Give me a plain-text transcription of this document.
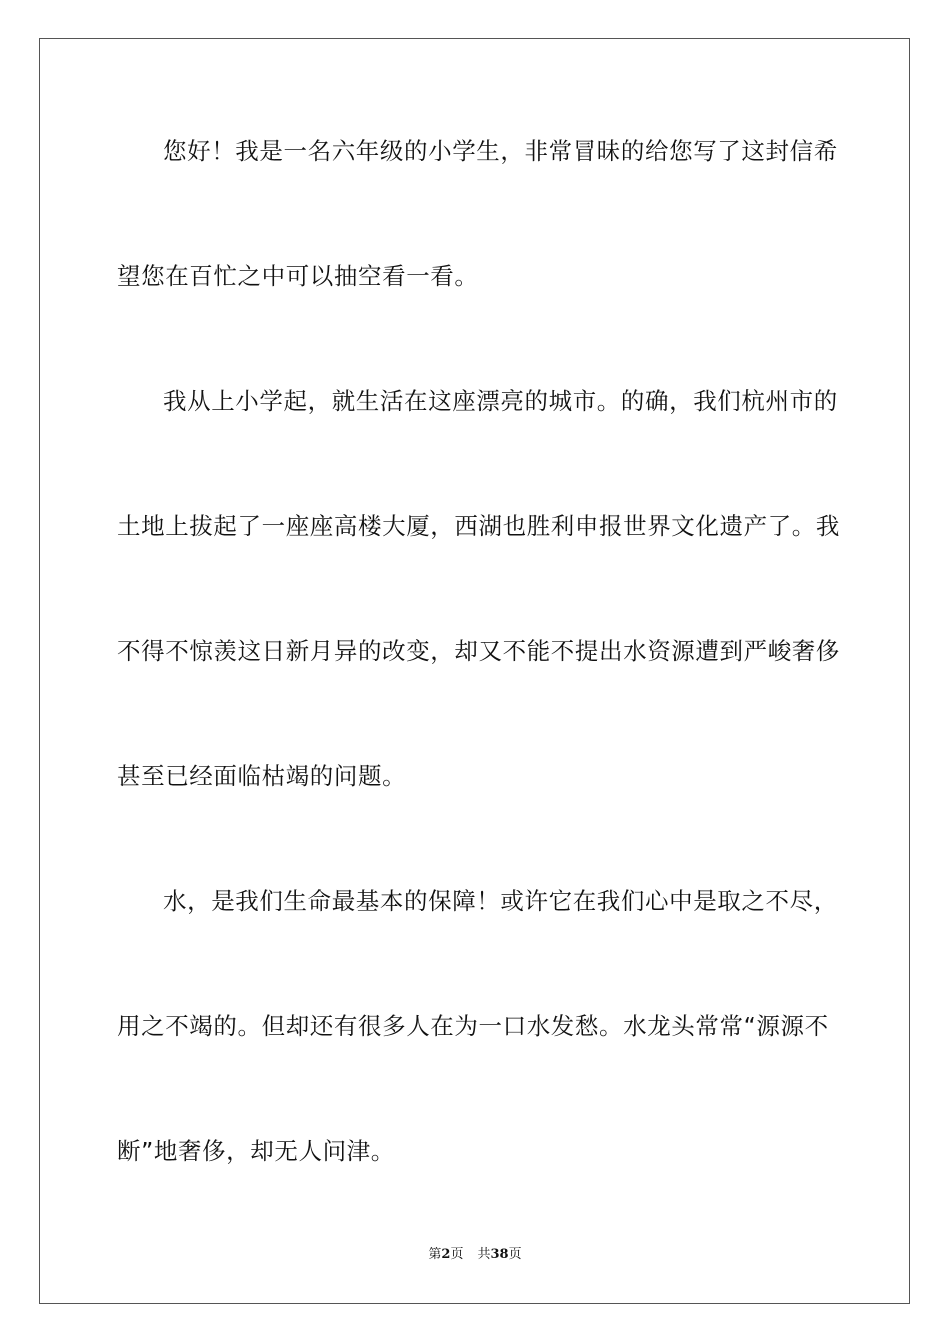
您好！我是一名六年级的小学生，非常冒昧的给您写了这封信希
望您在百忙之中可以抽空看一看。
我从上小学起，就生活在这座漂亮的城市。的确，我们杭州市的
土地上拔起了一座座高楼大厦，西湖也胜利申报世界文化遗产了。我
不得不惊羡这日新月异的改变，却又不能不提出水资源遭到严峻奢侈
甚至已经面临枯竭的问题。
水，是我们生命最基本的保障！或许它在我们心中是取之不尽，
用之不竭的。但却还有很多人在为一口水发愁。水龙头常常“源源不
断”地奢侈，却无人问津。
第2页 共38页
